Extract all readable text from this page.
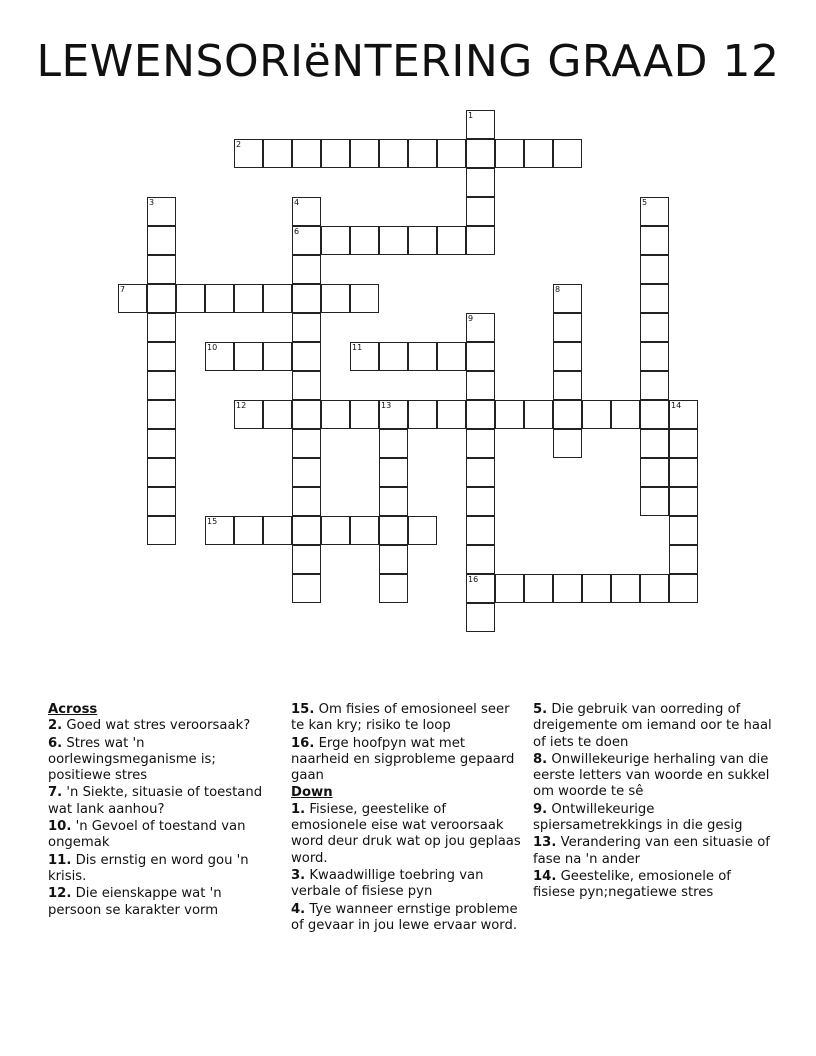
LEWENSORIëNTERING GRAAD 12
1
2
3	4
6
5
7	8
9
16
10	11
12	13	14
15
Across
2. Goed wat stres veroorsaak?
6. Stres wat 'n oorlewingsmeganisme is; positiewe stres
7. 'n Siekte, situasie of toestand wat lank aanhou?
10. 'n Gevoel of toestand van ongemak
11. Dis ernstig en word gou 'n krisis.
12. Die eienskappe wat 'n persoon se karakter vorm
15. Om fisies of emosioneel seer te kan kry; risiko te loop
16. Erge hoofpyn wat met naarheid en sigprobleme gepaard gaan
Down
1. Fisiese, geestelike of emosionele eise wat veroorsaak word deur druk wat op jou geplaas word.
3. Kwaadwillige toebring van verbale of fisiese pyn
4. Tye wanneer ernstige probleme of gevaar in jou lewe ervaar word.
5. Die gebruik van oorreding of dreigemente om iemand oor te haal of iets te doen
8. Onwillekeurige herhaling van die eerste letters van woorde en sukkel om woorde te sê
9. Ontwillekeurige spiersametrekkings in die gesig
13. Verandering van een situasie of fase na 'n ander
14. Geestelike, emosionele of fisiese pyn;negatiewe stres
